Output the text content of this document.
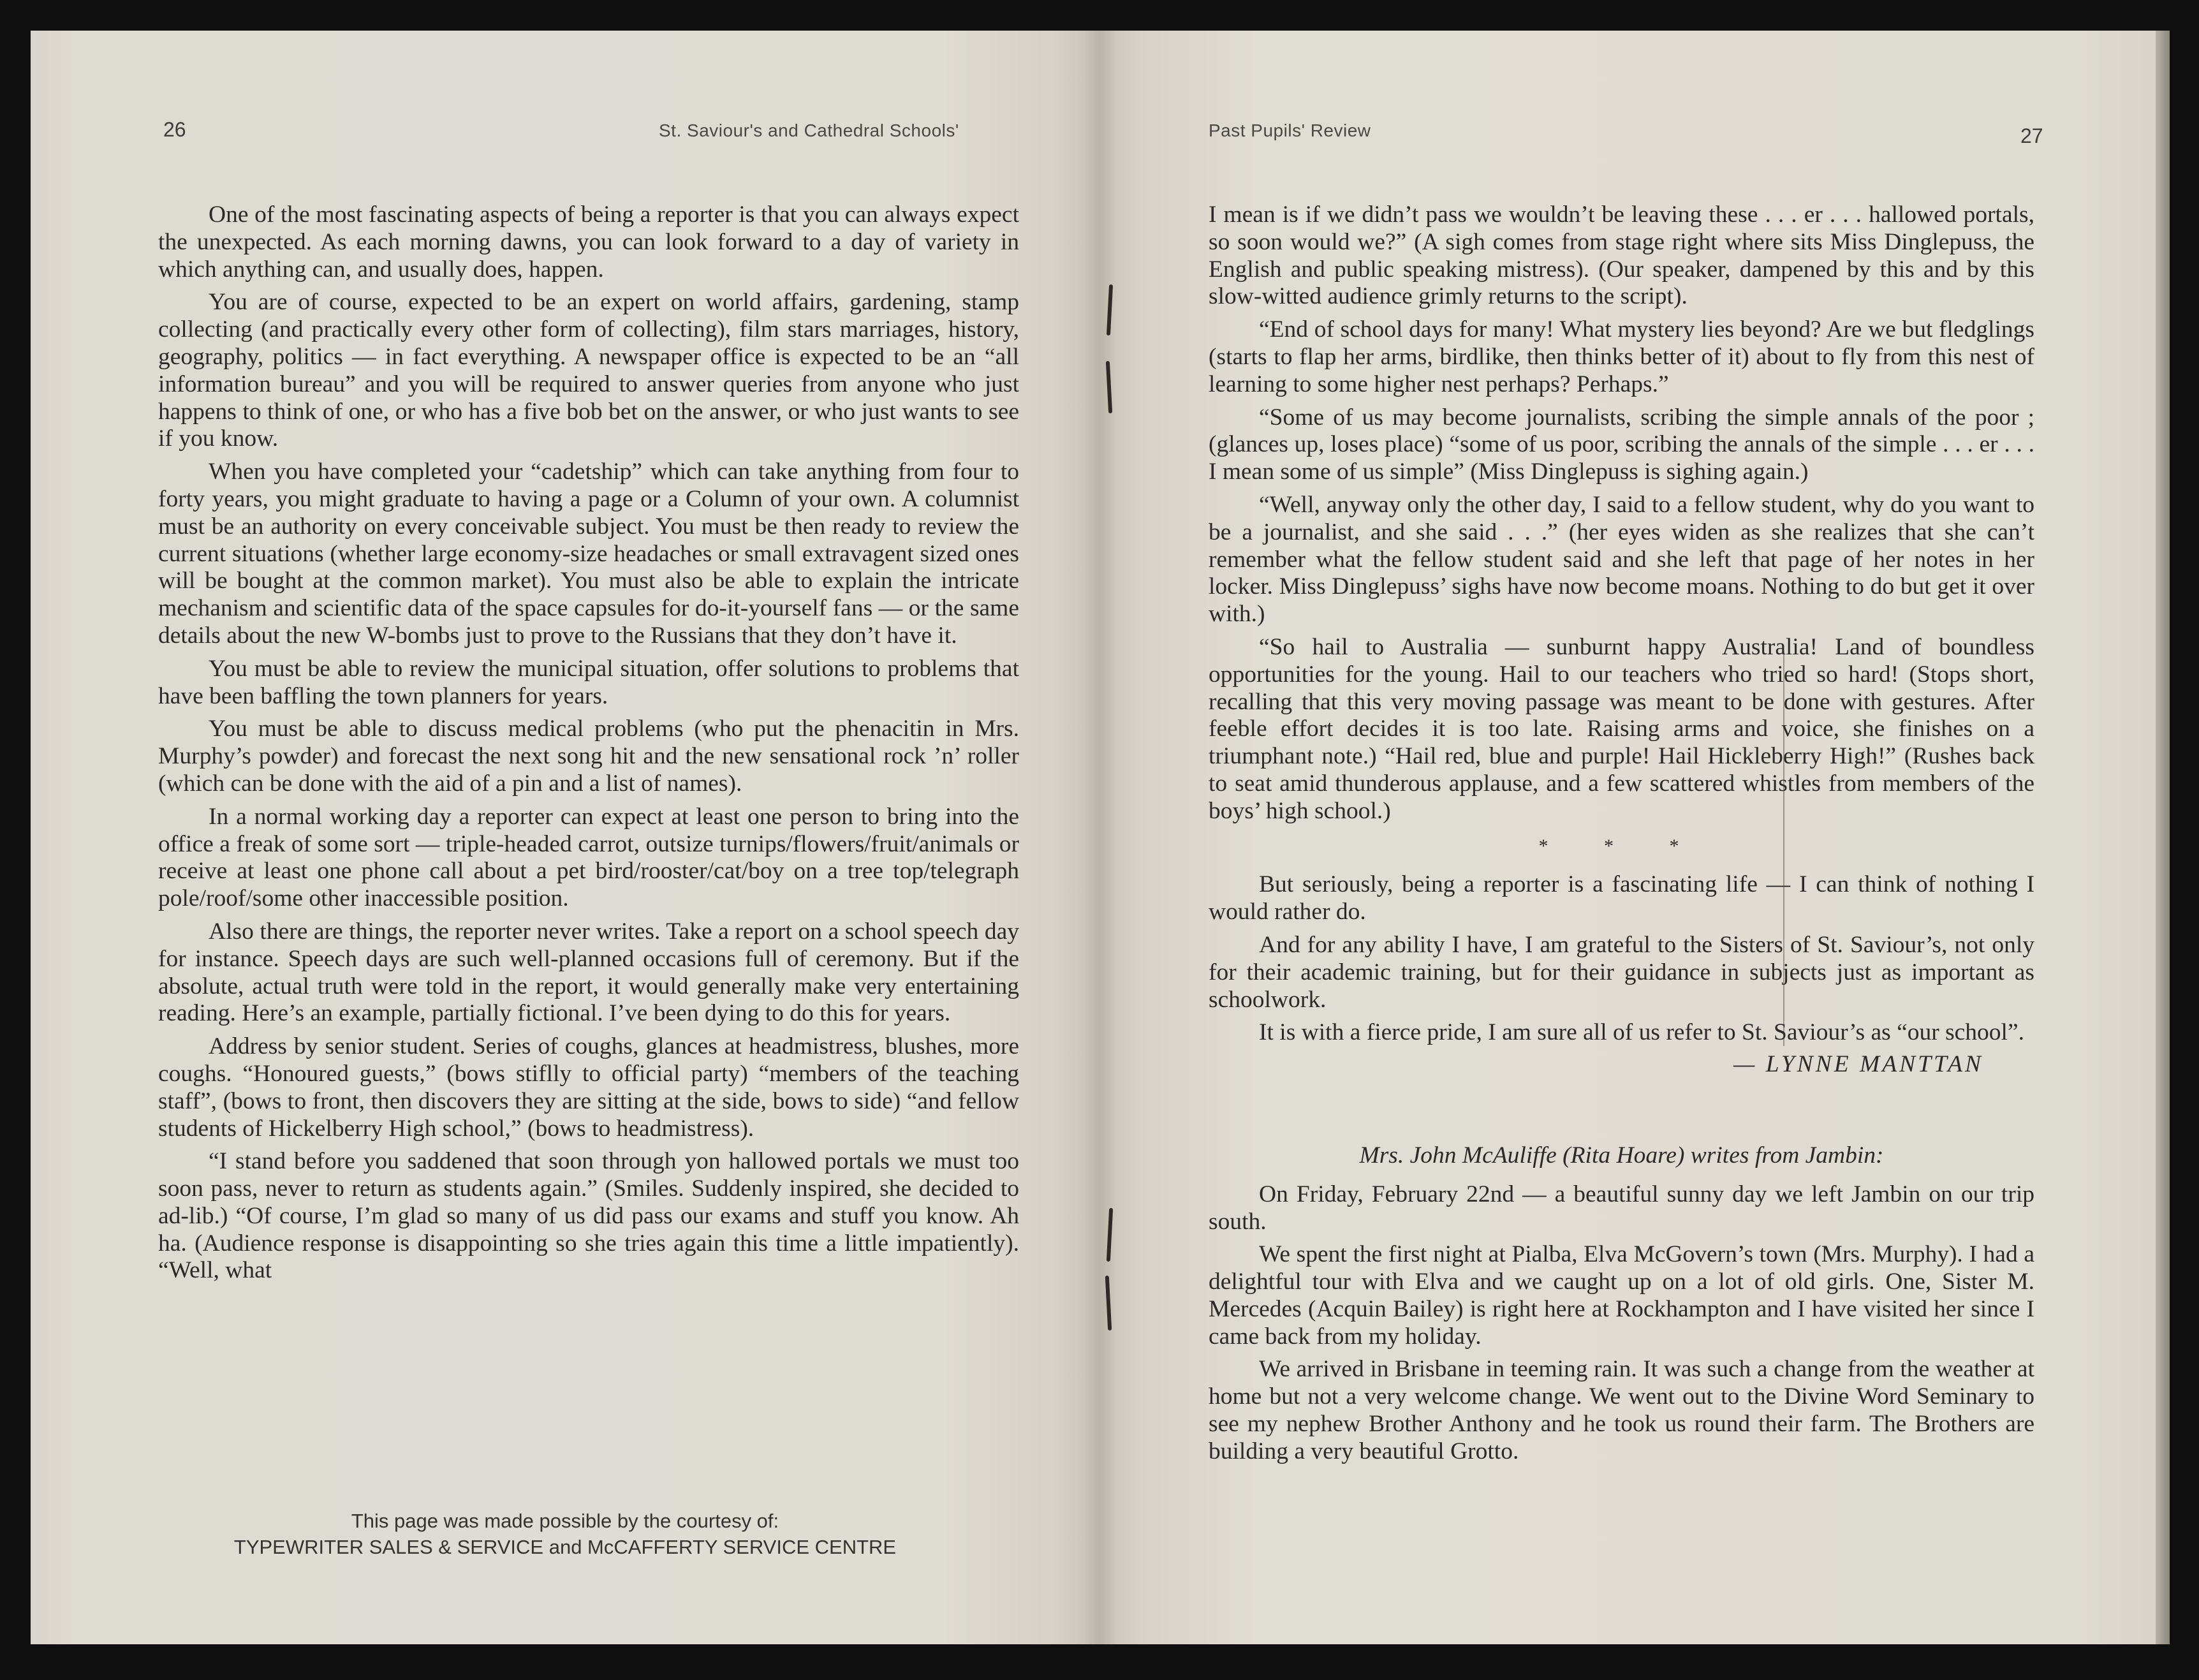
26	St. Saviour's and Cathedral Schools'

One of the most fascinating aspects of being a reporter is that you can always expect the unexpected. As each morning dawns, you can look forward to a day of variety in which anything can, and usually does, happen.

You are of course, expected to be an expert on world affairs, gardening, stamp collecting (and practically every other form of collecting), film stars marriages, history, geography, politics — in fact everything. A newspaper office is expected to be an “all information bureau” and you will be required to answer queries from anyone who just happens to think of one, or who has a five bob bet on the answer, or who just wants to see if you know.

When you have completed your “cadetship” which can take anything from four to forty years, you might graduate to having a page or a Column of your own. A columnist must be an authority on every conceivable subject. You must be then ready to review the current situations (whether large economy-size headaches or small extravagent sized ones will be bought at the common market). You must also be able to explain the intricate mechanism and scientific data of the space capsules for do-it-yourself fans — or the same details about the new W-bombs just to prove to the Russians that they don’t have it.

You must be able to review the municipal situation, offer solutions to problems that have been baffling the town planners for years.

You must be able to discuss medical problems (who put the phenacitin in Mrs. Murphy’s powder) and forecast the next song hit and the new sensational rock ’n’ roller (which can be done with the aid of a pin and a list of names).

In a normal working day a reporter can expect at least one person to bring into the office a freak of some sort — triple-headed carrot, outsize turnips/flowers/fruit/animals or receive at least one phone call about a pet bird/rooster/cat/boy on a tree top/telegraph pole/roof/some other inaccessible position.

Also there are things, the reporter never writes. Take a report on a school speech day for instance. Speech days are such well-planned occasions full of ceremony. But if the absolute, actual truth were told in the report, it would generally make very entertaining reading. Here’s an example, partially fictional. I’ve been dying to do this for years.

Address by senior student. Series of coughs, glances at headmistress, blushes, more coughs. “Honoured guests,” (bows stiflly to official party) “members of the teaching staff”, (bows to front, then discovers they are sitting at the side, bows to side) “and fellow students of Hickelberry High school,” (bows to headmistress).

“I stand before you saddened that soon through yon hallowed portals we must too soon pass, never to return as students again.” (Smiles. Suddenly inspired, she decided to ad-lib.) “Of course, I’m glad so many of us did pass our exams and stuff you know. Ah ha. (Audience response is disappointing so she tries again this time a little impatiently). “Well, what

This page was made possible by the courtesy of:
TYPEWRITER SALES & SERVICE and McCAFFERTY SERVICE CENTRE
Past Pupils' Review	27

I mean is if we didn’t pass we wouldn’t be leaving these . . . er . . . hallowed portals, so soon would we?” (A sigh comes from stage right where sits Miss Dinglepuss, the English and public speaking mistress). (Our speaker, dampened by this and by this slow-witted audience grimly returns to the script).

“End of school days for many! What mystery lies beyond? Are we but fledglings (starts to flap her arms, birdlike, then thinks better of it) about to fly from this nest of learning to some higher nest perhaps? Perhaps.”

“Some of us may become journalists, scribing the simple annals of the poor ; (glances up, loses place) “some of us poor, scribing the annals of the simple . . . er . . . I mean some of us simple” (Miss Dinglepuss is sighing again.)

“Well, anyway only the other day, I said to a fellow student, why do you want to be a journalist, and she said . . .” (her eyes widen as she realizes that she can’t remember what the fellow student said and she left that page of her notes in her locker. Miss Dinglepuss’ sighs have now become moans. Nothing to do but get it over with.)

“So hail to Australia — sunburnt happy Australia! Land of boundless opportunities for the young. Hail to our teachers who tried so hard! (Stops short, recalling that this very moving passage was meant to be done with gestures. After feeble effort decides it is too late. Raising arms and voice, she finishes on a triumphant note.) “Hail red, blue and purple! Hail Hickleberry High!” (Rushes back to seat amid thunderous applause, and a few scattered whistles from members of the boys’ high school.)

* * *

But seriously, being a reporter is a fascinating life — I can think of nothing I would rather do.

And for any ability I have, I am grateful to the Sisters of St. Saviour’s, not only for their academic training, but for their guidance in subjects just as important as schoolwork.

It is with a fierce pride, I am sure all of us refer to St. Saviour’s as “our school”.

— LYNNE MANTTAN
Mrs. John McAuliffe (Rita Hoare) writes from Jambin:

On Friday, February 22nd — a beautiful sunny day we left Jambin on our trip south.

We spent the first night at Pialba, Elva McGovern’s town (Mrs. Murphy). I had a delightful tour with Elva and we caught up on a lot of old girls. One, Sister M. Mercedes (Acquin Bailey) is right here at Rockhampton and I have visited her since I came back from my holiday.

We arrived in Brisbane in teeming rain. It was such a change from the weather at home but not a very welcome change. We went out to the Divine Word Seminary to see my nephew Brother Anthony and he took us round their farm. The Brothers are building a very beautiful Grotto.
